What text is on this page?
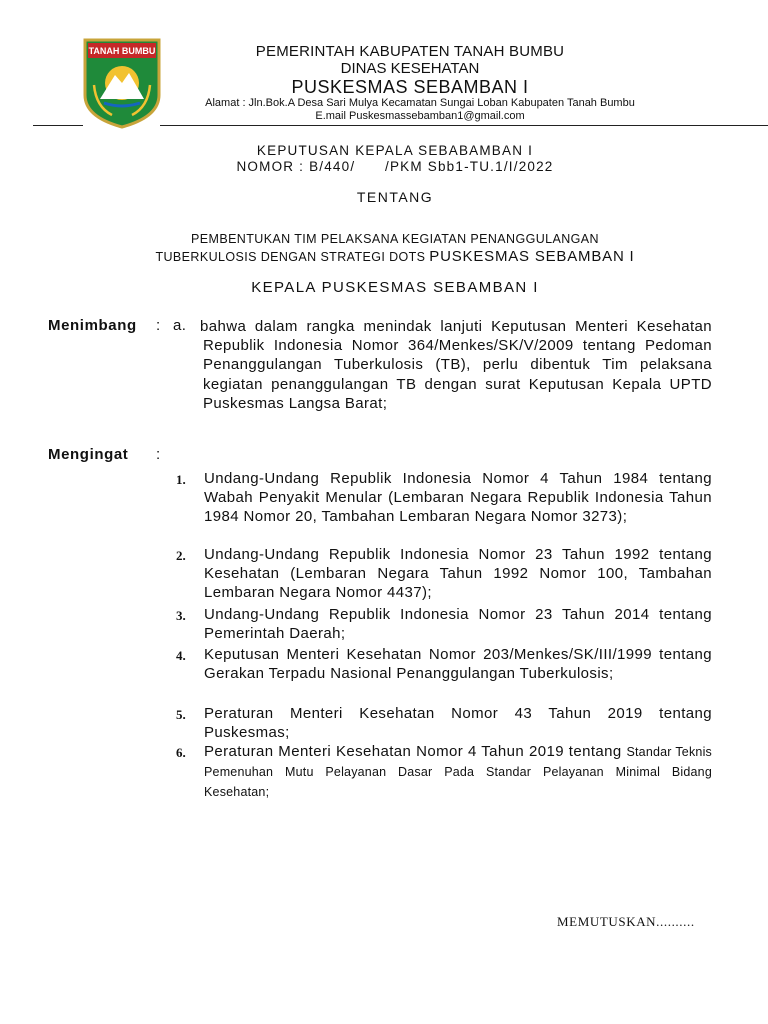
TANAH BUMBU	PEMERINTAH KABUPATEN TANAH BUMBU
DINAS KESEHATAN
PUSKESMAS SEBAMBAN I
Alamat : Jln.Bok.A Desa Sari Mulya Kecamatan Sungai Loban Kabupaten Tanah Bumbu
E.mail Puskesmassebamban1@gmail.com
KEPUTUSAN KEPALA SEBABAMBAN I
NOMOR : B/440/      /PKM Sbb1-TU.1/I/2022
TENTANG
PEMBENTUKAN TIM PELAKSANA KEGIATAN PENANGGULANGAN
TUBERKULOSIS DENGAN STRATEGI DOTS PUSKESMAS SEBAMBAN I
KEPALA PUSKESMAS SEBAMBAN I
Menimbang : a. bahwa dalam rangka menindak lanjuti Keputusan Menteri Kesehatan Republik Indonesia Nomor 364/Menkes/SK/V/2009 tentang Pedoman Penanggulangan Tuberkulosis (TB), perlu dibentuk Tim pelaksana kegiatan penanggulangan TB dengan surat Keputusan Kepala UPTD Puskesmas Langsa Barat;
Mengingat :
1.	Undang-Undang Republik Indonesia Nomor 4 Tahun 1984 tentang Wabah Penyakit Menular (Lembaran Negara Republik Indonesia Tahun 1984 Nomor 20, Tambahan Lembaran Negara Nomor 3273);
2.	Undang-Undang Republik Indonesia Nomor 23 Tahun 1992 tentang Kesehatan (Lembaran Negara Tahun 1992 Nomor 100, Tambahan Lembaran Negara Nomor 4437);
3.	Undang-Undang Republik Indonesia Nomor 23 Tahun 2014 tentang Pemerintah Daerah;
4.	Keputusan Menteri Kesehatan Nomor 203/Menkes/SK/III/1999 tentang Gerakan Terpadu Nasional Penanggulangan Tuberkulosis;
5.	Peraturan Menteri Kesehatan Nomor 43 Tahun 2019 tentang Puskesmas;
6.	Peraturan Menteri Kesehatan Nomor 4 Tahun 2019 tentang Standar Teknis Pemenuhan Mutu Pelayanan Dasar Pada Standar Pelayanan Minimal Bidang Kesehatan;
MEMUTUSKAN..........
